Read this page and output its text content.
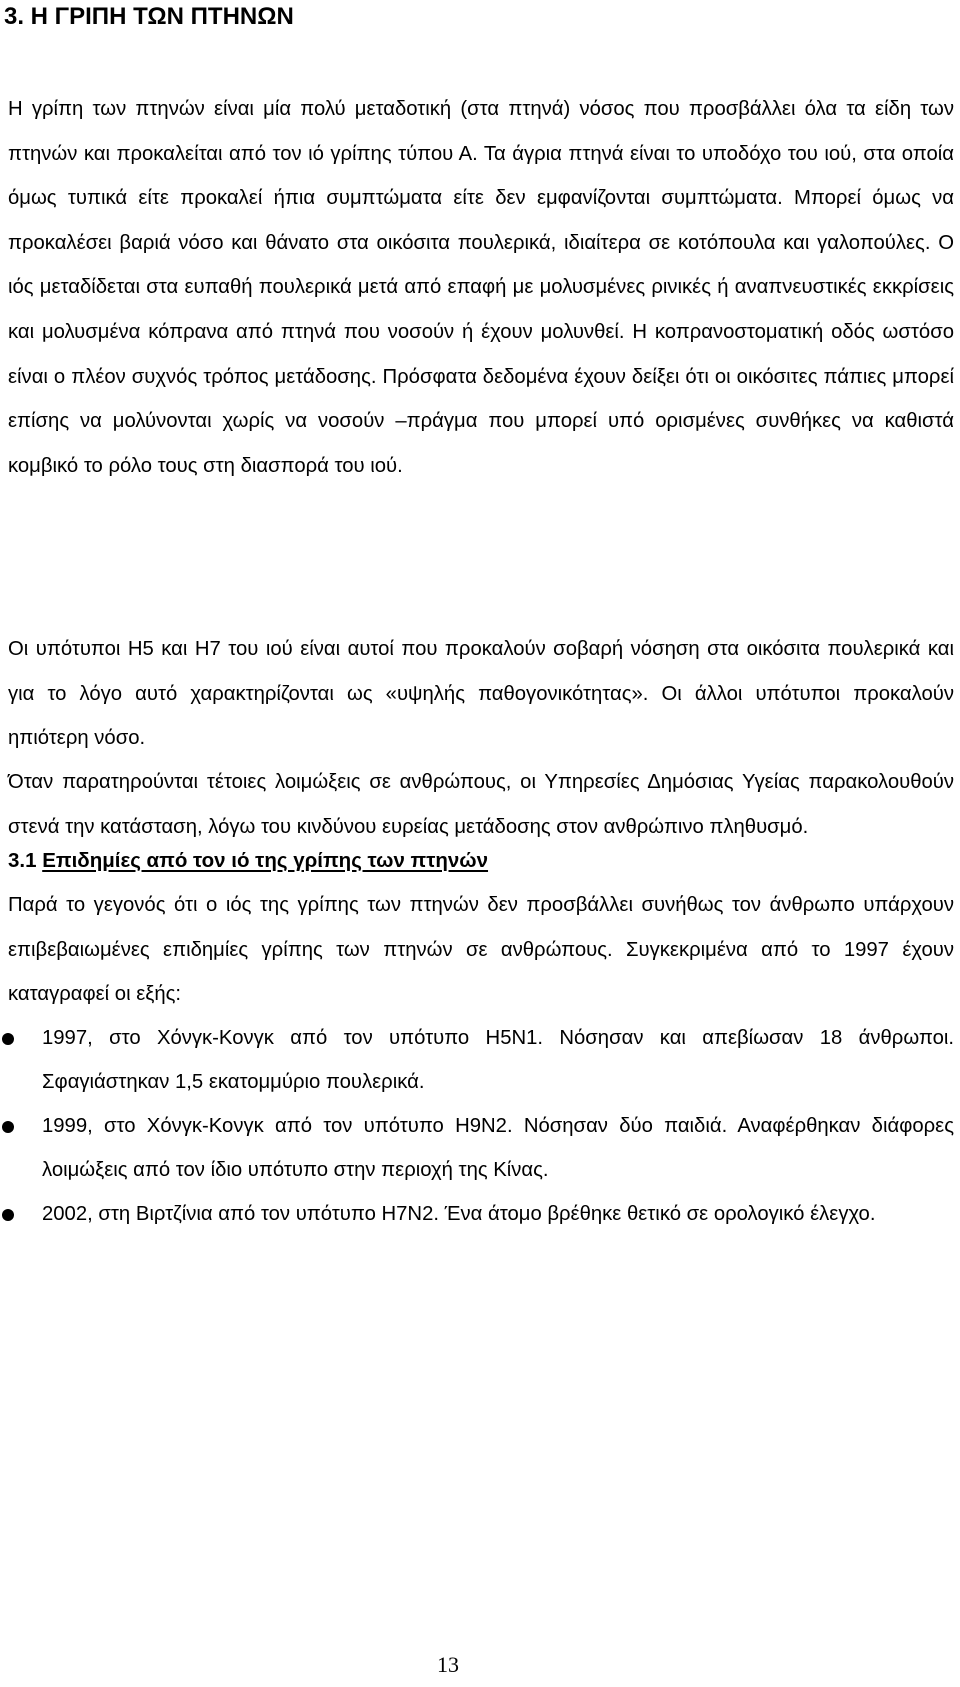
3. Η ΓΡΙΠΗ ΤΩΝ ΠΤΗΝΩΝ
Η γρίπη των πτηνών είναι μία πολύ μεταδοτική (στα πτηνά) νόσος που προσβάλλει όλα τα είδη των πτηνών και προκαλείται από τον ιό γρίπης τύπου Α. Τα άγρια πτηνά είναι το υποδόχο του ιού, στα οποία όμως τυπικά είτε προκαλεί ήπια συμπτώματα είτε δεν εμφανίζονται συμπτώματα. Μπορεί όμως να προκαλέσει βαριά νόσο και θάνατο στα οικόσιτα πουλερικά, ιδιαίτερα σε κοτόπουλα και γαλοπούλες. Ο ιός μεταδίδεται στα ευπαθή πουλερικά μετά από επαφή με μολυσμένες ρινικές ή αναπνευστικές εκκρίσεις και μολυσμένα κόπρανα από πτηνά που νοσούν ή έχουν μολυνθεί. Η κοπρανοστοματική οδός ωστόσο είναι ο πλέον συχνός τρόπος μετάδοσης. Πρόσφατα δεδομένα έχουν δείξει ότι οι οικόσιτες πάπιες μπορεί επίσης να μολύνονται χωρίς να νοσούν –πράγμα που μπορεί υπό ορισμένες συνθήκες να καθιστά κομβικό το ρόλο τους στη διασπορά του ιού.
Οι υπότυποι Η5 και Η7 του ιού είναι αυτοί που προκαλούν σοβαρή νόσηση στα οικόσιτα πουλερικά και για το λόγο αυτό χαρακτηρίζονται ως «υψηλής παθογονικότητας». Οι άλλοι υπότυποι προκαλούν ηπιότερη νόσο.
Όταν παρατηρούνται τέτοιες λοιμώξεις σε ανθρώπους, οι Υπηρεσίες Δημόσιας Υγείας παρακολουθούν στενά την κατάσταση, λόγω του κινδύνου ευρείας μετάδοσης στον ανθρώπινο πληθυσμό.
3.1 Επιδημίες από τον ιό της γρίπης των πτηνών
Παρά το γεγονός ότι ο ιός της γρίπης των πτηνών δεν προσβάλλει συνήθως τον άνθρωπο υπάρχουν επιβεβαιωμένες επιδημίες γρίπης των πτηνών σε ανθρώπους. Συγκεκριμένα από το 1997 έχουν καταγραφεί οι εξής:
1997, στο Χόνγκ-Κονγκ από τον υπότυπο Η5Ν1. Νόσησαν και απεβίωσαν 18 άνθρωποι. Σφαγιάστηκαν 1,5 εκατομμύριο πουλερικά.
1999, στο Χόνγκ-Κονγκ από τον υπότυπο Η9Ν2. Νόσησαν δύο παιδιά. Αναφέρθηκαν διάφορες λοιμώξεις από τον ίδιο υπότυπο στην περιοχή της Κίνας.
2002, στη Βιρτζίνια από τον υπότυπο Η7Ν2. Ένα άτομο βρέθηκε θετικό σε ορολογικό έλεγχο.
13
